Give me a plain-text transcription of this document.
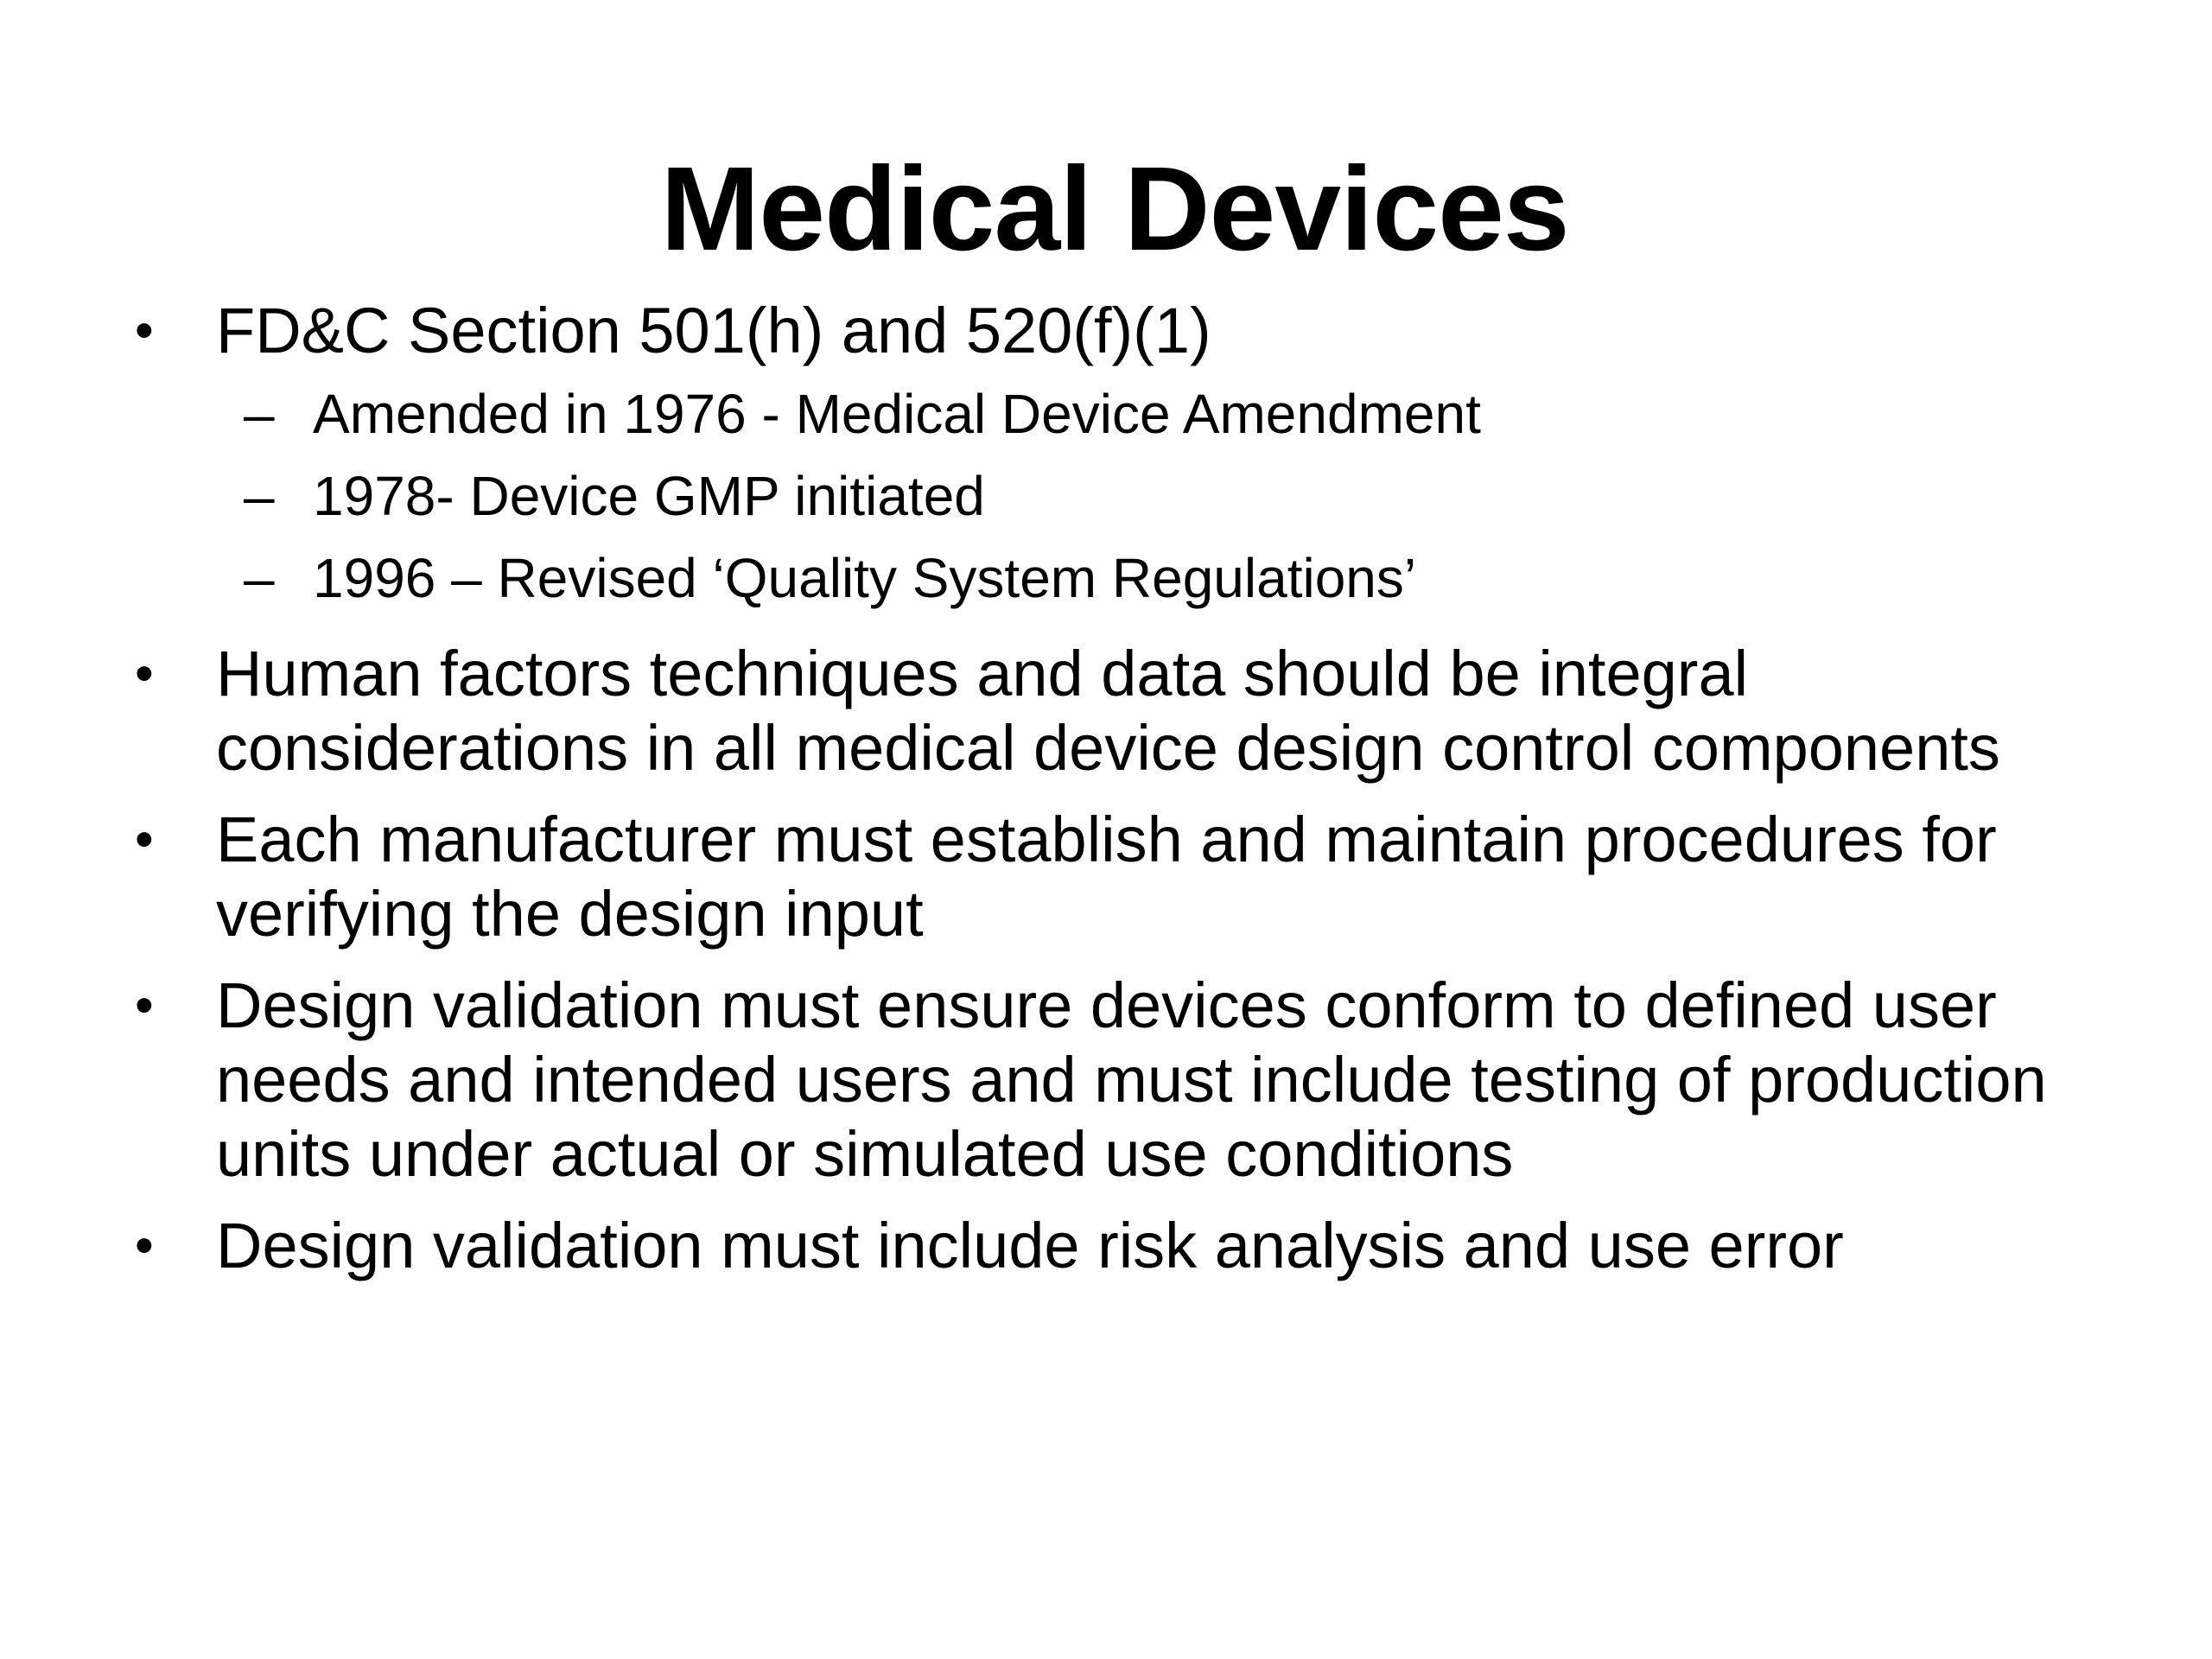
Medical Devices
• FD&C Section 501(h) and 520(f)(1)
– Amended in 1976 - Medical Device Amendment
– 1978- Device GMP initiated
– 1996 – Revised ‘Quality System Regulations’
• Human factors techniques and data should be integral considerations in all medical device design control components
• Each manufacturer must establish and maintain procedures for verifying the design input
• Design validation must ensure devices conform to defined user needs and intended users and must include testing of production units under actual or simulated use conditions
• Design validation must include risk analysis and use error
